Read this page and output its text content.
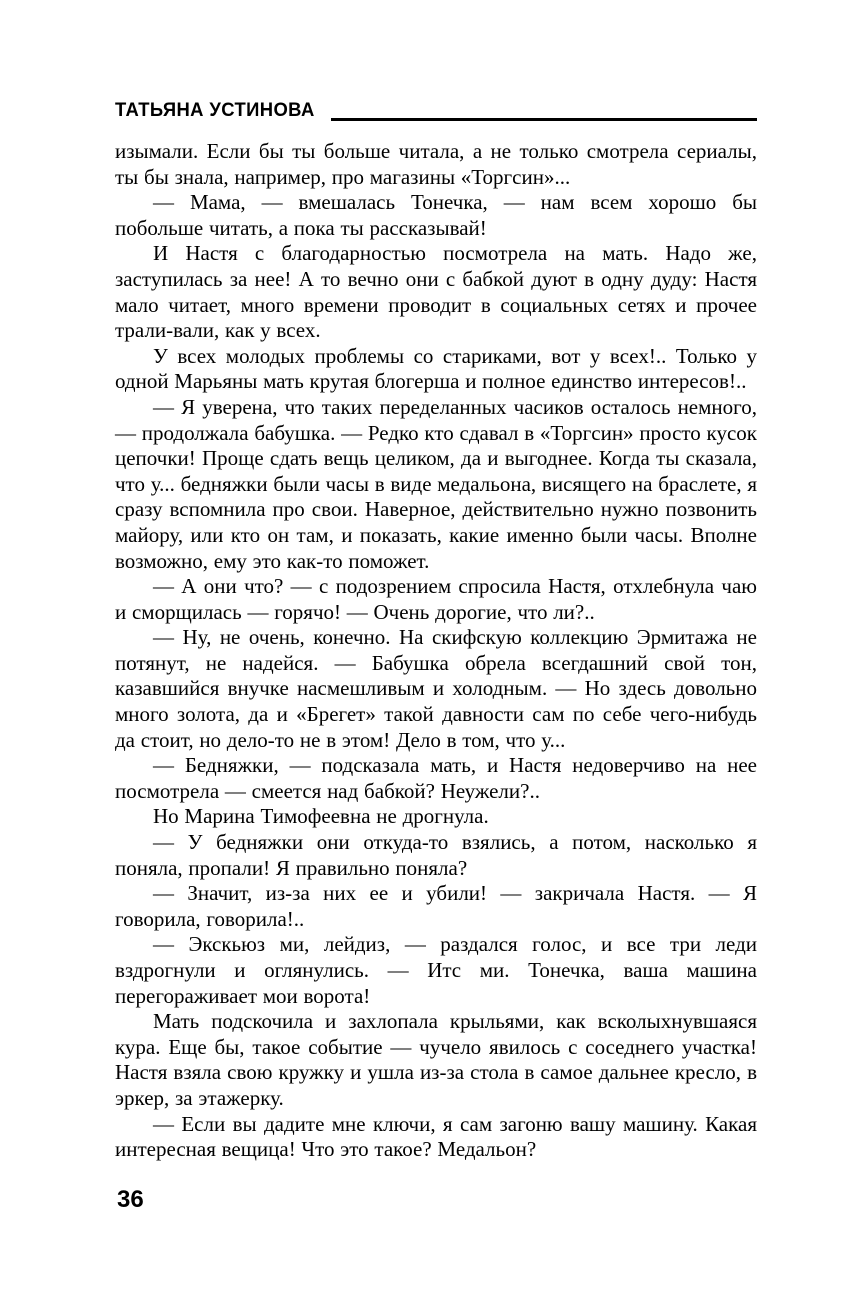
ТАТЬЯНА УСТИНОВА

изымали. Если бы ты больше читала, а не только смотрела сериалы, ты бы знала, например, про магазины «Торгсин»...

— Мама, — вмешалась Тонечка, — нам всем хорошо бы побольше читать, а пока ты рассказывай!

И Настя с благодарностью посмотрела на мать. Надо же, заступилась за нее! А то вечно они с бабкой дуют в одну дуду: Настя мало читает, много времени проводит в социальных сетях и прочее трали-вали, как у всех.

У всех молодых проблемы со стариками, вот у всех!.. Только у одной Марьяны мать крутая блогерша и полное единство интересов!..

— Я уверена, что таких переделанных часиков осталось немного, — продолжала бабушка. — Редко кто сдавал в «Торгсин» просто кусок цепочки! Проще сдать вещь целиком, да и выгоднее. Когда ты сказала, что у... бедняжки были часы в виде медальона, висящего на браслете, я сразу вспомнила про свои. Наверное, действительно нужно позвонить майору, или кто он там, и показать, какие именно были часы. Вполне возможно, ему это как-то поможет.

— А они что? — с подозрением спросила Настя, отхлебнула чаю и сморщилась — горячо! — Очень дорогие, что ли?..

— Ну, не очень, конечно. На скифскую коллекцию Эрмитажа не потянут, не надейся. — Бабушка обрела всегдашний свой тон, казавшийся внучке насмешливым и холодным. — Но здесь довольно много золота, да и «Брегет» такой давности сам по себе чего-нибудь да стоит, но дело-то не в этом! Дело в том, что у...

— Бедняжки, — подсказала мать, и Настя недоверчиво на нее посмотрела — смеется над бабкой? Неужели?..

Но Марина Тимофеевна не дрогнула.

— У бедняжки они откуда-то взялись, а потом, насколько я поняла, пропали! Я правильно поняла?

— Значит, из-за них ее и убили! — закричала Настя. — Я говорила, говорила!..

— Экскьюз ми, лейдиз, — раздался голос, и все три леди вздрогнули и оглянулись. — Итс ми. Тонечка, ваша машина перегораживает мои ворота!

Мать подскочила и захлопала крыльями, как всколыхнувшаяся кура. Еще бы, такое событие — чучело явилось с соседнего участка! Настя взяла свою кружку и ушла из-за стола в самое дальнее кресло, в эркер, за этажерку.

— Если вы дадите мне ключи, я сам загоню вашу машину. Какая интересная вещица! Что это такое? Медальон?

36
